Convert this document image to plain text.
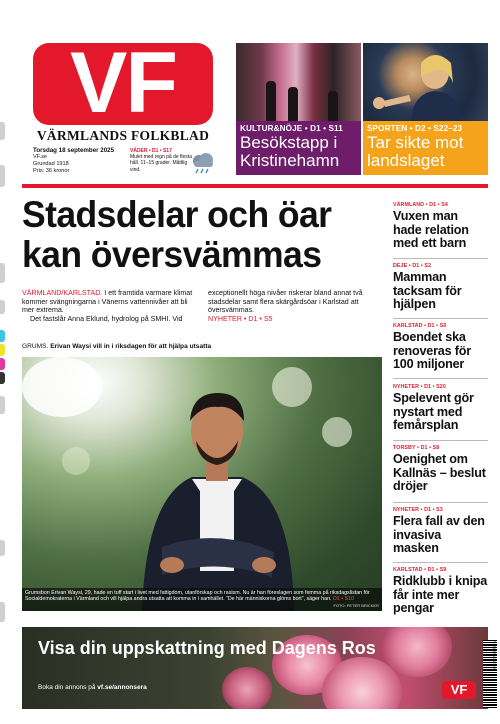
VF
VÄRMLANDS FOLKBLAD
Torsdag 18 september 2025
VF.se
Grundad 1918
Pris: 36 kronor
VÄDER • D1 • S17
Mulet med regn på de flesta håll. 11–15 grader. Måttlig vind.
KULTUR&NÖJE • D1 • S11
Besökstapp i Kristinehamn
SPORTEN • D2 • S22–23
Tar sikte mot landslaget
Stadsdelar och öar kan översvämmas
VÄRMLAND/KARLSTAD. I ett framtida varmare klimat kommer svängningarna i Vänerns vattennivåer att bli mer extrema.
Det fastslår Anna Eklund, hydrolog på SMHI. Vid
exceptionellt höga nivåer riskerar bland annat två stadsdelar samt flera skärgårdsöar i Karlstad att översvämmas.
NYHETER • D1 • S5
GRUMS. Erivan Waysi vill in i riksdagen för att hjälpa utsatta
Grumsbon Erivan Waysi, 29, hade en tuff start i livet med fattigdom, utanförskap och rasism. Nu är han föreslagen som femma på riksdagslistan för Socialdemokraterna i Värmland och vill hjälpa andra utsatta att komma in i samhället. ”De här människorna glöms bort”, säger han. D1 • S10
FOTO: PETER BRICKER
VÄRMLAND • D1 • S4
Vuxen man hade relation med ett barn
DEJE • D1 • S2
Mamman tacksam för hjälpen
KARLSTAD • D1 • S6
Boendet ska renoveras för 100 miljoner
NYHETER • D1 • S20
Spelevent gör nystart med femårsplan
TORSBY • D1 • S8
Oenighet om Kallnäs – beslut dröjer
NYHETER • D1 • S3
Flera fall av den invasiva masken
KARLSTAD • D1 • S9
Ridklubb i knipa får inte mer pengar
Visa din uppskattning med Dagens Ros
Boka din annons på vf.se/annonsera	VF
7 388386 3600 9
